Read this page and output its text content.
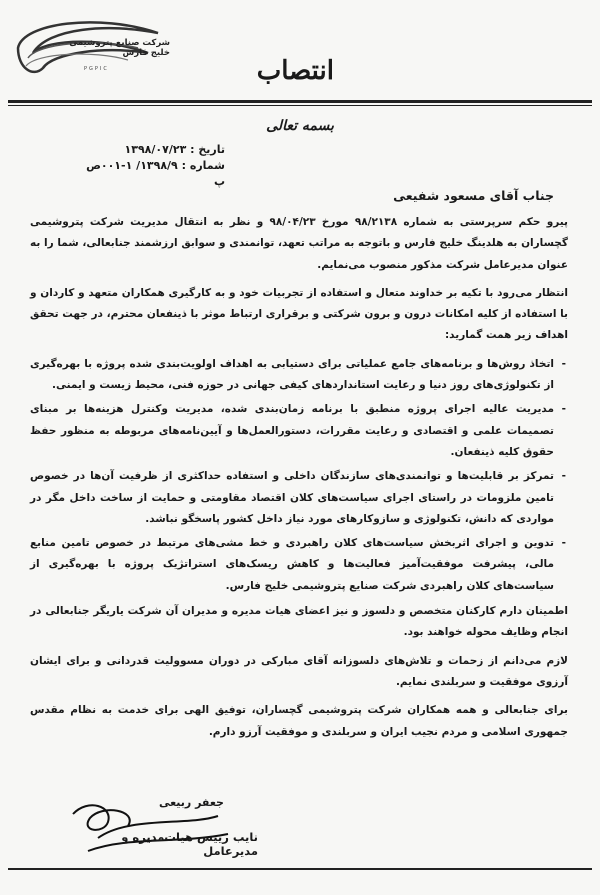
شرکت صنایع پتروشیمی خلیج فارس
PGPIC	انتصاب
بسمه تعالی
تاریخ : ۱۳۹۸/۰۷/۲۳
شماره : ۱۳۹۸/۹/ ۱-۰۰۱ص پ
جناب آقای مسعود شفیعی

پیرو حکم سرپرستی به شماره ۹۸/۲۱۳۸ مورخ ۹۸/۰۴/۲۳ و نظر به انتقال مدیریت شرکت پتروشیمی گچساران به هلدینگ خلیج فارس و باتوجه به مراتب تعهد، توانمندی و سوابق ارزشمند جنابعالی، شما را به عنوان مدیرعامل شرکت مذکور منصوب می‌نمایم.

انتظار می‌رود با تکیه بر خداوند متعال و استفاده از تجربیات خود و به کارگیری همکاران متعهد و کاردان و با استفاده از کلیه امکانات درون و برون شرکتی و برقراری ارتباط موثر با ذینفعان محترم، در جهت تحقق اهداف زیر همت گمارید:

- اتخاذ روش‌ها و برنامه‌های جامع عملیاتی برای دستیابی به اهداف اولویت‌بندی شده پروژه با بهره‌گیری از تکنولوژی‌های روز دنیا و رعایت استانداردهای کیفی جهانی در حوزه فنی، محیط زیست و ایمنی.
- مدیریت عالیه اجرای پروژه منطبق با برنامه زمان‌بندی شده، مدیریت وکنترل هزینه‌ها بر مبنای تصمیمات علمی و اقتصادی و رعایت مقررات، دستورالعمل‌ها و آیین‌نامه‌های مربوطه به منظور حفظ حقوق کلیه ذینفعان.
- تمرکز بر قابلیت‌ها و توانمندی‌های سازندگان داخلی و استفاده حداکثری از ظرفیت آن‌ها در خصوص تامین ملزومات در راستای اجرای سیاست‌های کلان اقتصاد مقاومتی و حمایت از ساخت داخل مگر در مواردی که دانش، تکنولوژی و سازوکارهای مورد نیاز داخل کشور پاسخگو نباشد.
- تدوین و اجرای اثربخش سیاست‌های کلان راهبردی و خط مشی‌های مرتبط در خصوص تامین منابع مالی، پیشرفت موفقیت‌آمیز فعالیت‌ها و کاهش ریسک‌های استراتژیک پروژه با بهره‌گیری از سیاست‌های کلان راهبردی شرکت صنایع پتروشیمی خلیج فارس.

اطمینان دارم کارکنان متخصص و دلسوز و نیز اعضای هیات مدیره و مدیران آن شرکت یاریگر جنابعالی در انجام وظایف محوله خواهند بود.

لازم می‌دانم از زحمات و تلاش‌های دلسوزانه آقای مبارکی در دوران مسوولیت قدردانی و برای ایشان آرزوی موفقیت و سربلندی نمایم.

برای جنابعالی و همه همکاران شرکت پتروشیمی گچساران، توفیق الهی برای خدمت به نظام مقدس جمهوری اسلامی و مردم نجیب ایران و سربلندی و موفقیت آرزو دارم.

جعفر ربیعی
نایب رییس هیات‌مدیره و مدیرعامل
